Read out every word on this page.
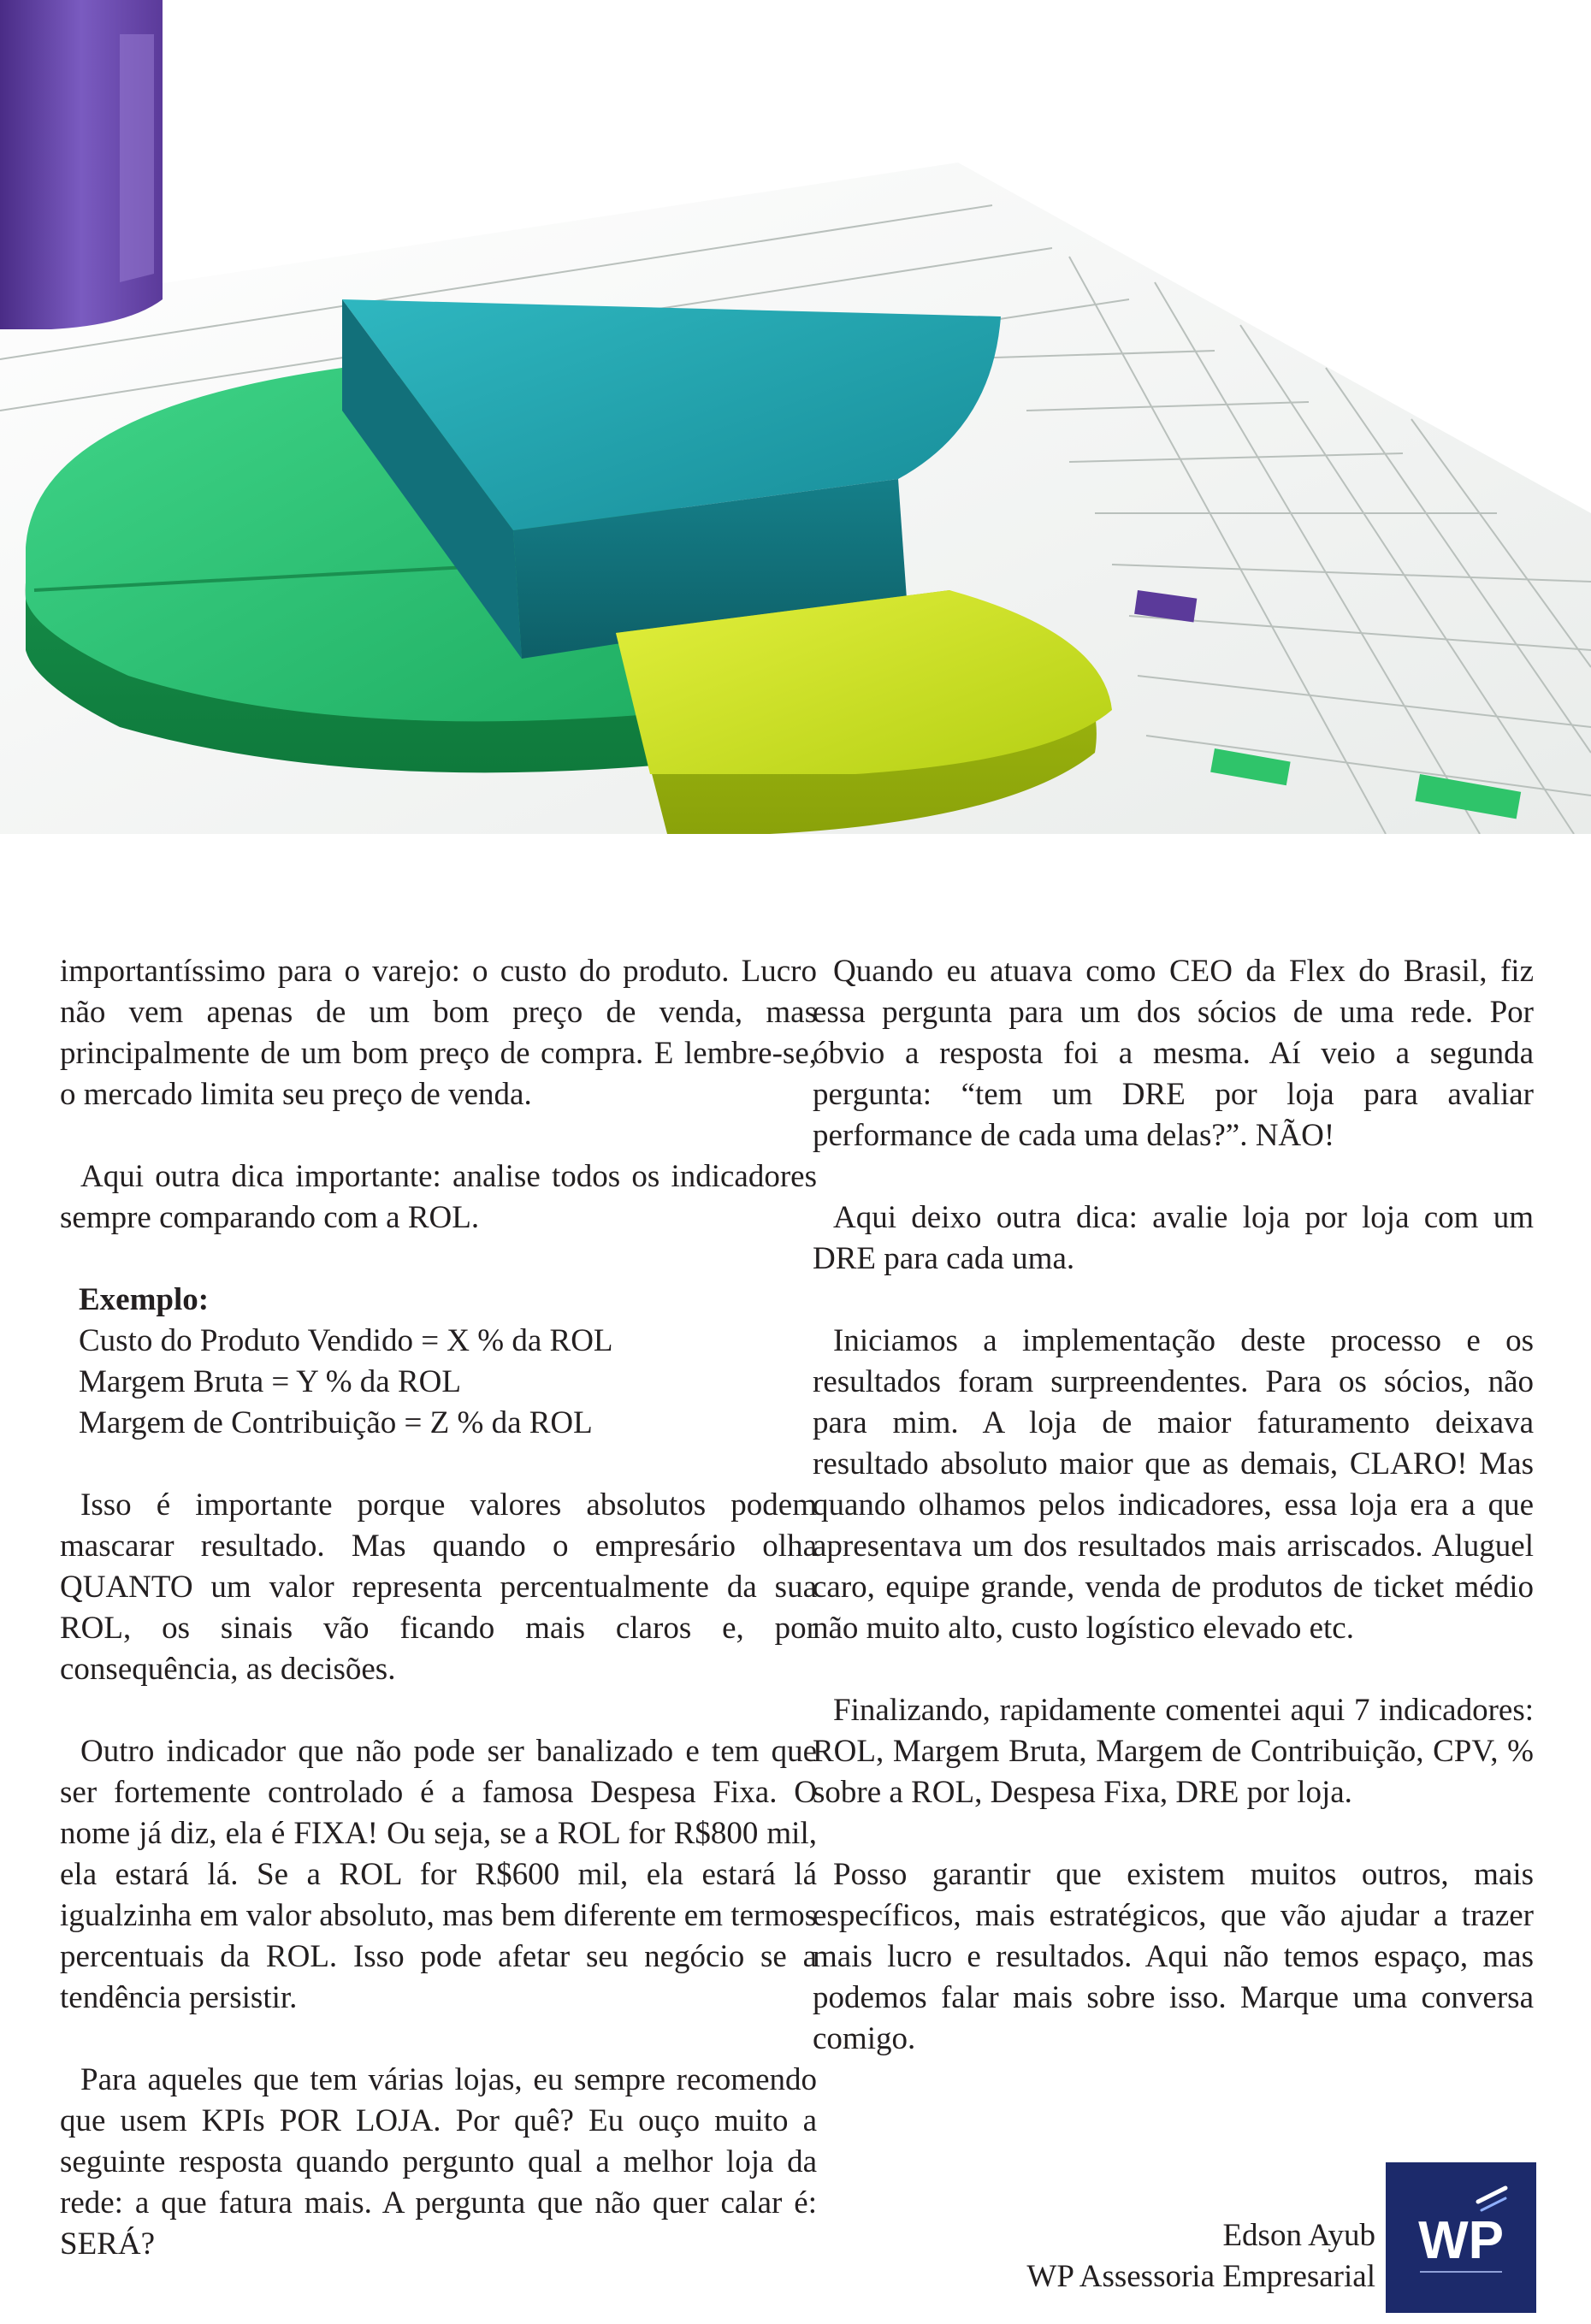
importantíssimo para o varejo: o custo do produto. Lucro não vem apenas de um bom preço de venda, mas principalmente de um bom preço de compra. E lembre-se, o mercado limita seu preço de venda.

Aqui outra dica importante: analise todos os indicadores sempre comparando com a ROL.

Exemplo:
Custo do Produto Vendido = X % da ROL
Margem Bruta = Y % da ROL
Margem de Contribuição = Z % da ROL

Isso é importante porque valores absolutos podem mascarar resultado. Mas quando o empresário olha QUANTO um valor representa percentualmente da sua ROL, os sinais vão ficando mais claros e, por consequência, as decisões.

Outro indicador que não pode ser banalizado e tem que ser fortemente controlado é a famosa Despesa Fixa. O nome já diz, ela é FIXA! Ou seja, se a ROL for R$800 mil, ela estará lá. Se a ROL for R$600 mil, ela estará lá igualzinha em valor absoluto, mas bem diferente em termos percentuais da ROL. Isso pode afetar seu negócio se a tendência persistir.

Para aqueles que tem várias lojas, eu sempre recomendo que usem KPIs POR LOJA. Por quê? Eu ouço muito a seguinte resposta quando pergunto qual a melhor loja da rede: a que fatura mais. A pergunta que não quer calar é: SERÁ?

Quando eu atuava como CEO da Flex do Brasil, fiz essa pergunta para um dos sócios de uma rede. Por óbvio a resposta foi a mesma. Aí veio a segunda pergunta: “tem um DRE por loja para avaliar performance de cada uma delas?”. NÃO!

Aqui deixo outra dica: avalie loja por loja com um DRE para cada uma.

Iniciamos a implementação deste processo e os resultados foram surpreendentes. Para os sócios, não para mim. A loja de maior faturamento deixava resultado absoluto maior que as demais, CLARO! Mas quando olhamos pelos indicadores, essa loja era a que apresentava um dos resultados mais arriscados. Aluguel caro, equipe grande, venda de produtos de ticket médio não muito alto, custo logístico elevado etc.

Finalizando, rapidamente comentei aqui 7 indicadores: ROL, Margem Bruta, Margem de Contribuição, CPV, % sobre a ROL, Despesa Fixa, DRE por loja.

Posso garantir que existem muitos outros, mais específicos, mais estratégicos, que vão ajudar a trazer mais lucro e resultados. Aqui não temos espaço, mas podemos falar mais sobre isso. Marque uma conversa comigo.

Edson Ayub
WP Assessoria Empresarial
WP
